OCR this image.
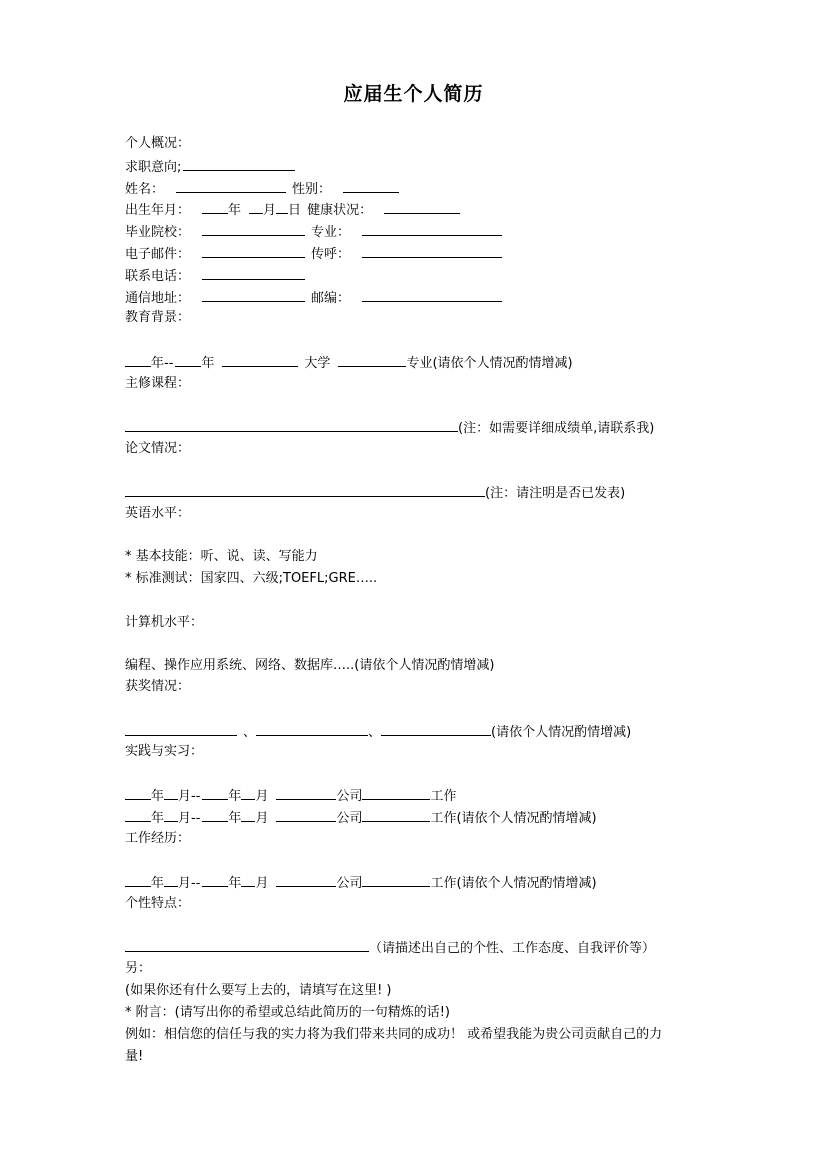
应届生个人简历
个人概况：
求职意向;
姓名：	性别：
出生年月：	年 月 日 健康状况：
毕业院校：	专业：
电子邮件：	传呼：
联系电话：
通信地址：	邮编：
教育背景：
年-- 年	大学	专业(请依个人情况酌情增减)
主修课程：
(注：如需要详细成绩单,请联系我)
论文情况：
(注：请注明是否已发表)
英语水平：
* 基本技能：听、说、读、写能力
* 标准测试：国家四、六级;TOEFL;GRE…..
计算机水平：
编程、操作应用系统、网络、数据库…..(请依个人情况酌情增减)
获奖情况：
、	、	(请依个人情况酌情增减)
实践与实习：
年 月-- 年 月	公司	工作
年 月-- 年 月	公司	工作(请依个人情况酌情增减)
工作经历：
年 月-- 年 月	公司	工作(请依个人情况酌情增减)
个性特点：
（请描述出自己的个性、工作态度、自我评价等）
另：
(如果你还有什么要写上去的，请填写在这里! )
* 附言：(请写出你的希望或总结此简历的一句精炼的话!)
例如：相信您的信任与我的实力将为我们带来共同的成功！ 或希望我能为贵公司贡献自己的力
量!
